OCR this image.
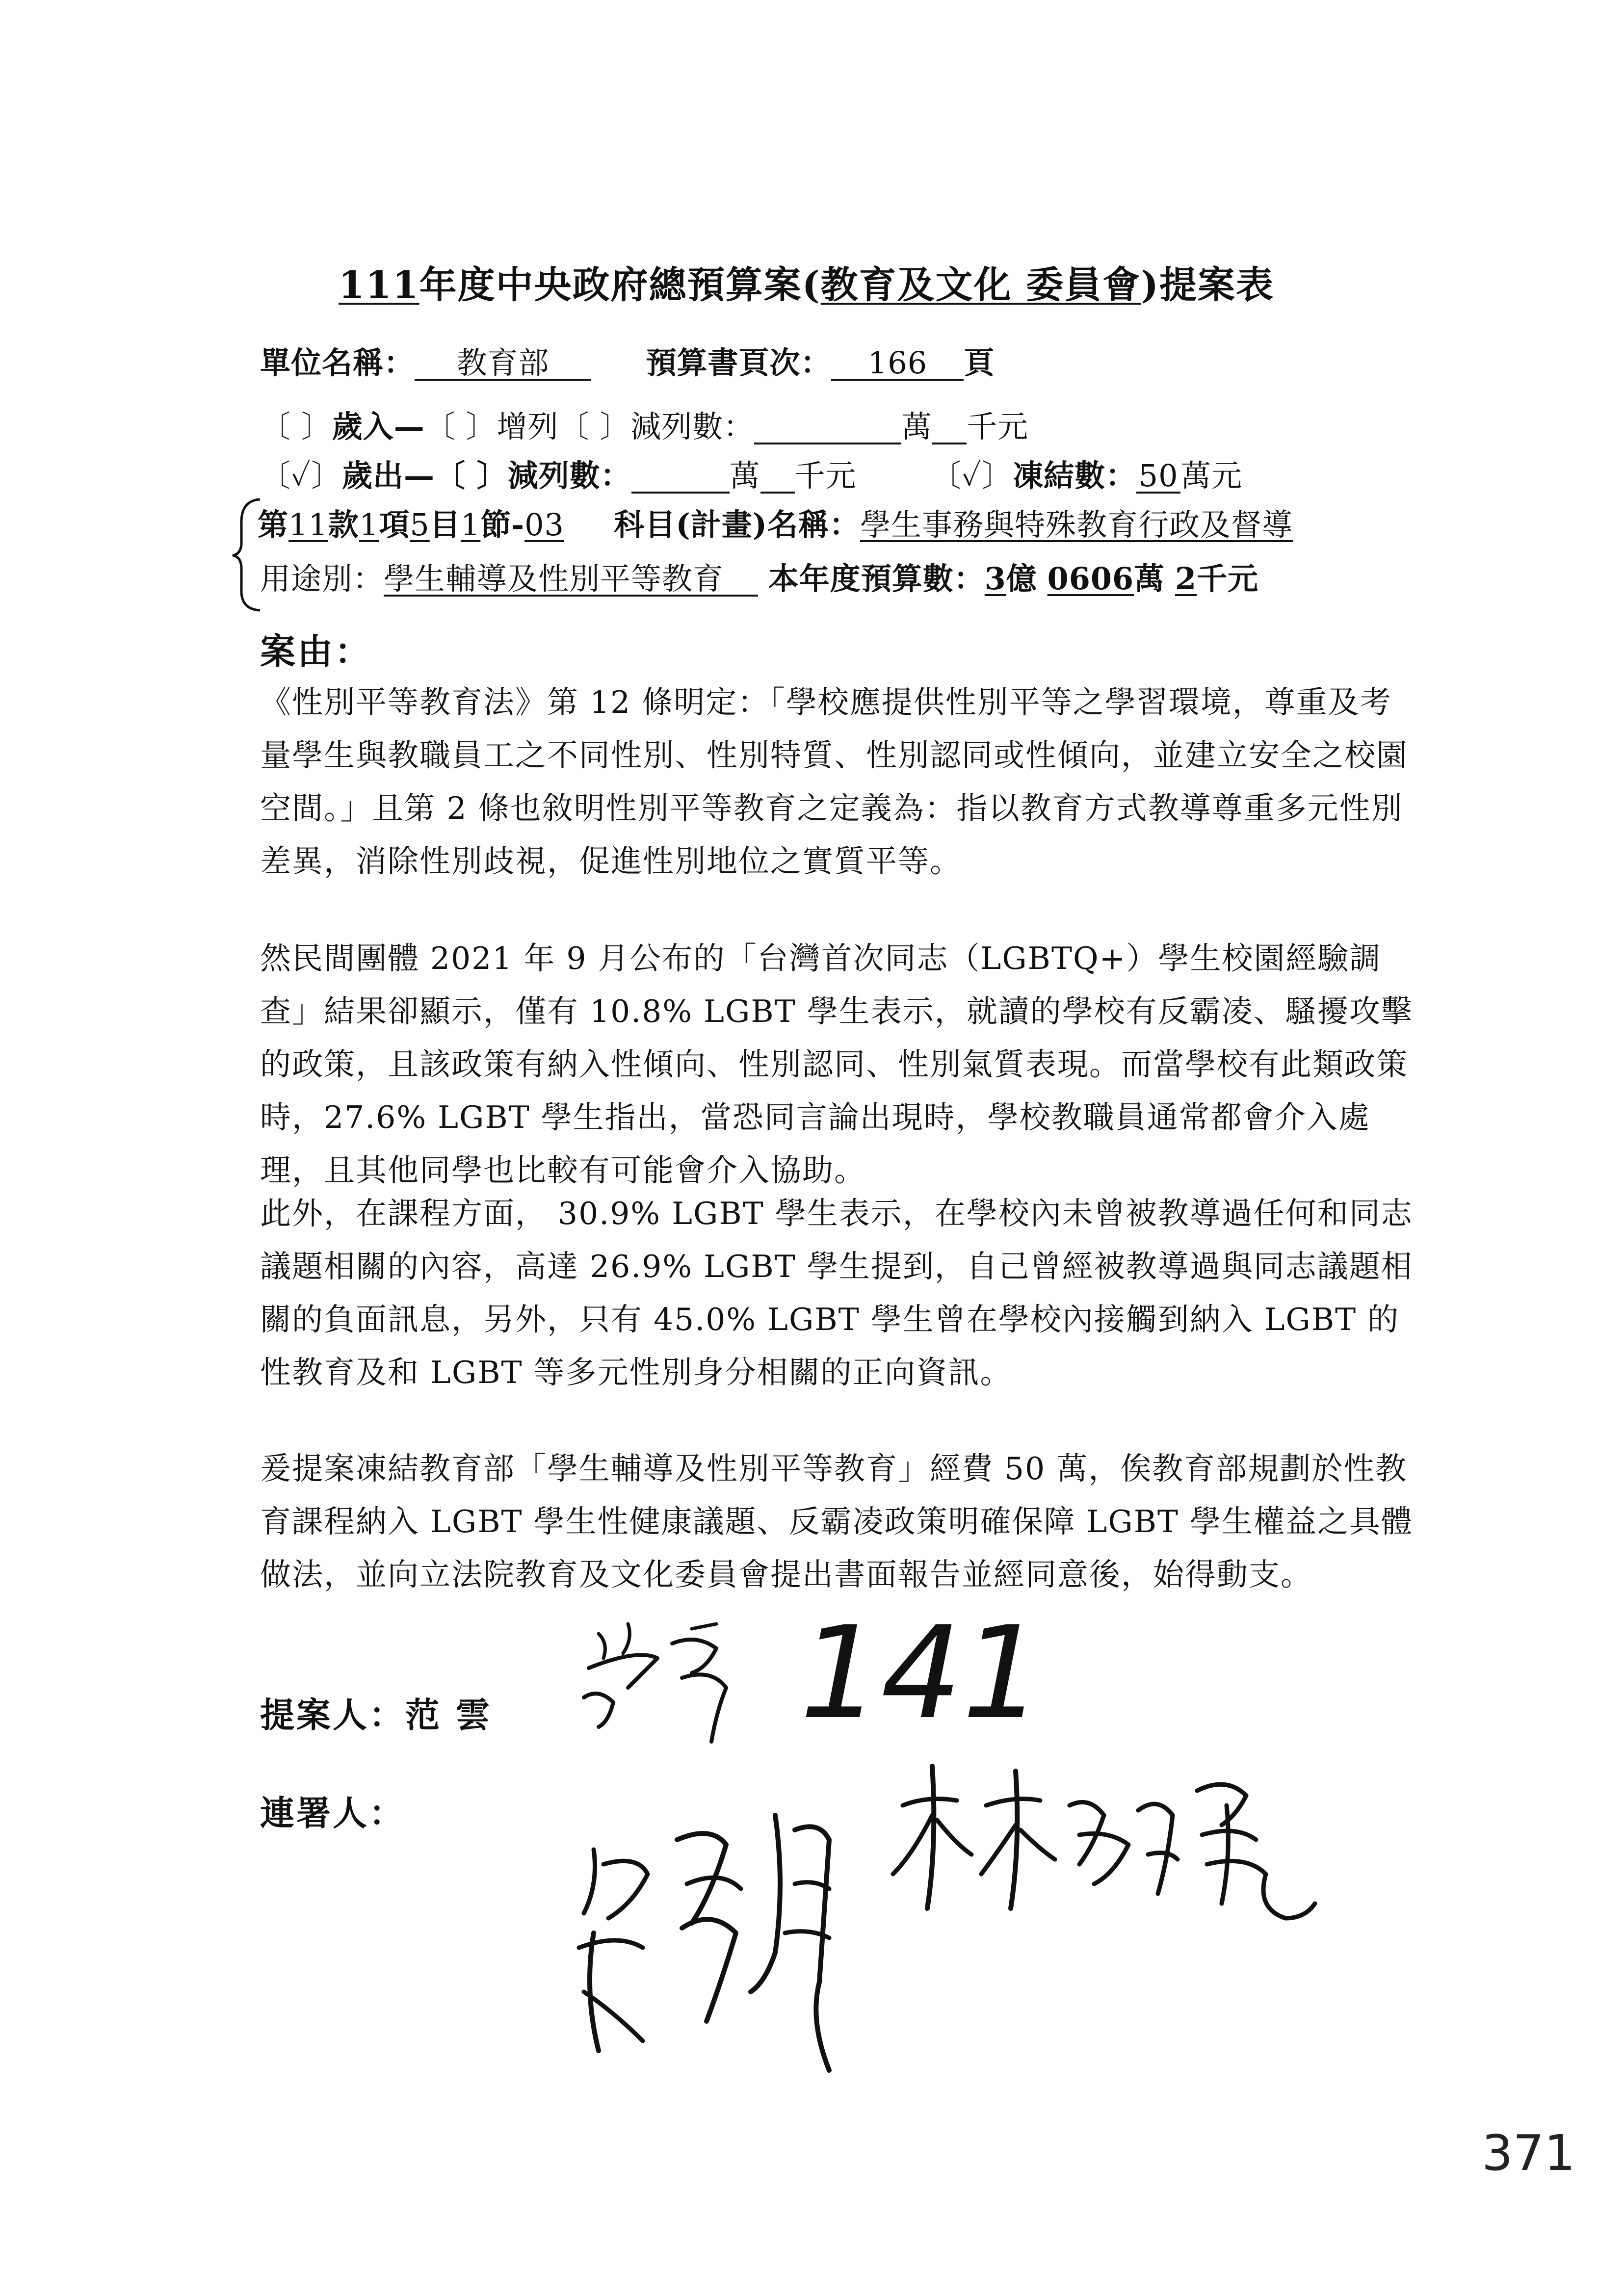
111年度中央政府總預算案(教育及文化 委員會)提案表
單位名稱： 教育部	預算書頁次： 166 頁
〔 〕歲入—〔 〕增列〔 〕減列數：	萬 千元
〔✓〕歲出—〔 〕減列數：	萬 千元 〔✓〕凍結數：50萬元
第11款1項5目1節-03 科目(計畫)名稱：學生事務與特殊教育行政及督導
用途別：學生輔導及性別平等教育 本年度預算數：3億 0606萬 2千元
案由：
《性別平等教育法》第 12 條明定：「學校應提供性別平等之學習環境，尊重及考量學生與教職員工之不同性別、性別特質、性別認同或性傾向，並建立安全之校園空間。」且第 2 條也敘明性別平等教育之定義為：指以教育方式教導尊重多元性別差異，消除性別歧視，促進性別地位之實質平等。
然民間團體 2021 年 9 月公布的「台灣首次同志（LGBTQ+）學生校園經驗調查」結果卻顯示，僅有 10.8% LGBT 學生表示，就讀的學校有反霸凌、騷擾攻擊的政策，且該政策有納入性傾向、性別認同、性別氣質表現。而當學校有此類政策時，27.6% LGBT 學生指出，當恐同言論出現時，學校教職員通常都會介入處理，且其他同學也比較有可能會介入協助。
此外，在課程方面， 30.9% LGBT 學生表示，在學校內未曾被教導過任何和同志議題相關的內容，高達 26.9% LGBT 學生提到，自己曾經被教導過與同志議題相關的負面訊息，另外，只有 45.0% LGBT 學生曾在學校內接觸到納入 LGBT 的性教育及和 LGBT 等多元性別身分相關的正向資訊。
爰提案凍結教育部「學生輔導及性別平等教育」經費 50 萬，俟教育部規劃於性教育課程納入 LGBT 學生性健康議題、反霸凌政策明確保障 LGBT 學生權益之具體做法，並向立法院教育及文化委員會提出書面報告並經同意後，始得動支。
提案人：范 雲
連署人：
141
371
